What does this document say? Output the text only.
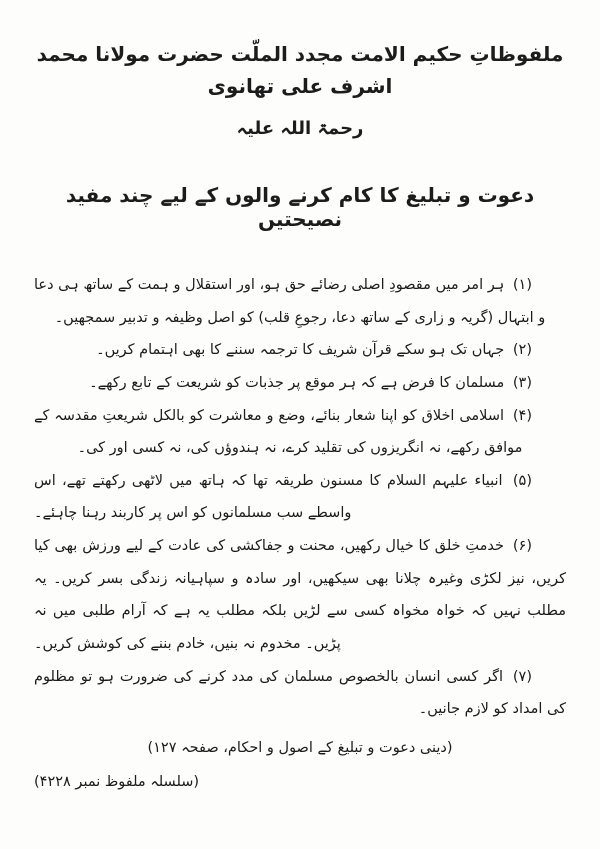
ملفوظاتِ حکیم الامت مجدد الملّت حضرت مولانا محمد اشرف علی تھانوی
رحمۃ اللہ علیہ
دعوت و تبلیغ کا کام کرنے والوں کے لیے چند مفید نصیحتیں

(۱) ہر امر میں مقصودِ اصلی رضائے حق ہو، اور استقلال و ہمت کے ساتھ ہی دعا و ابتہال (گریہ و زاری کے ساتھ دعا، رجوعِ قلب) کو اصل وظیفہ و تدبیر سمجھیں۔

(۲) جہاں تک ہو سکے قرآن شریف کا ترجمہ سننے کا بھی اہتمام کریں۔

(۳) مسلمان کا فرض ہے کہ ہر موقع پر جذبات کو شریعت کے تابع رکھے۔

(۴) اسلامی اخلاق کو اپنا شعار بنائے، وضع و معاشرت کو بالکل شریعتِ مقدسہ کے موافق رکھے، نہ انگریزوں کی تقلید کرے، نہ ہندوؤں کی، نہ کسی اور کی۔

(۵) انبیاء علیہم السلام کا مسنون طریقہ تھا کہ ہاتھ میں لاٹھی رکھتے تھے، اس واسطے سب مسلمانوں کو اس پر کاربند رہنا چاہئے۔

(۶) خدمتِ خلق کا خیال رکھیں، محنت و جفاکشی کی عادت کے لیے ورزش بھی کیا کریں، نیز لکڑی وغیرہ چلانا بھی سیکھیں، اور سادہ و سپاہیانہ زندگی بسر کریں۔ یہ مطلب نہیں کہ خواہ مخواہ کسی سے لڑیں بلکہ مطلب یہ ہے کہ آرام طلبی میں نہ پڑیں۔ مخدوم نہ بنیں، خادم بننے کی کوشش کریں۔

(۷) اگر کسی انسان بالخصوص مسلمان کی مدد کرنے کی ضرورت ہو تو مظلوم کی امداد کو لازم جانیں۔

(دینی دعوت و تبلیغ کے اصول و احکام، صفحہ ۱۲۷)
(سلسلہ ملفوظ نمبر ۴۲۲۸)
